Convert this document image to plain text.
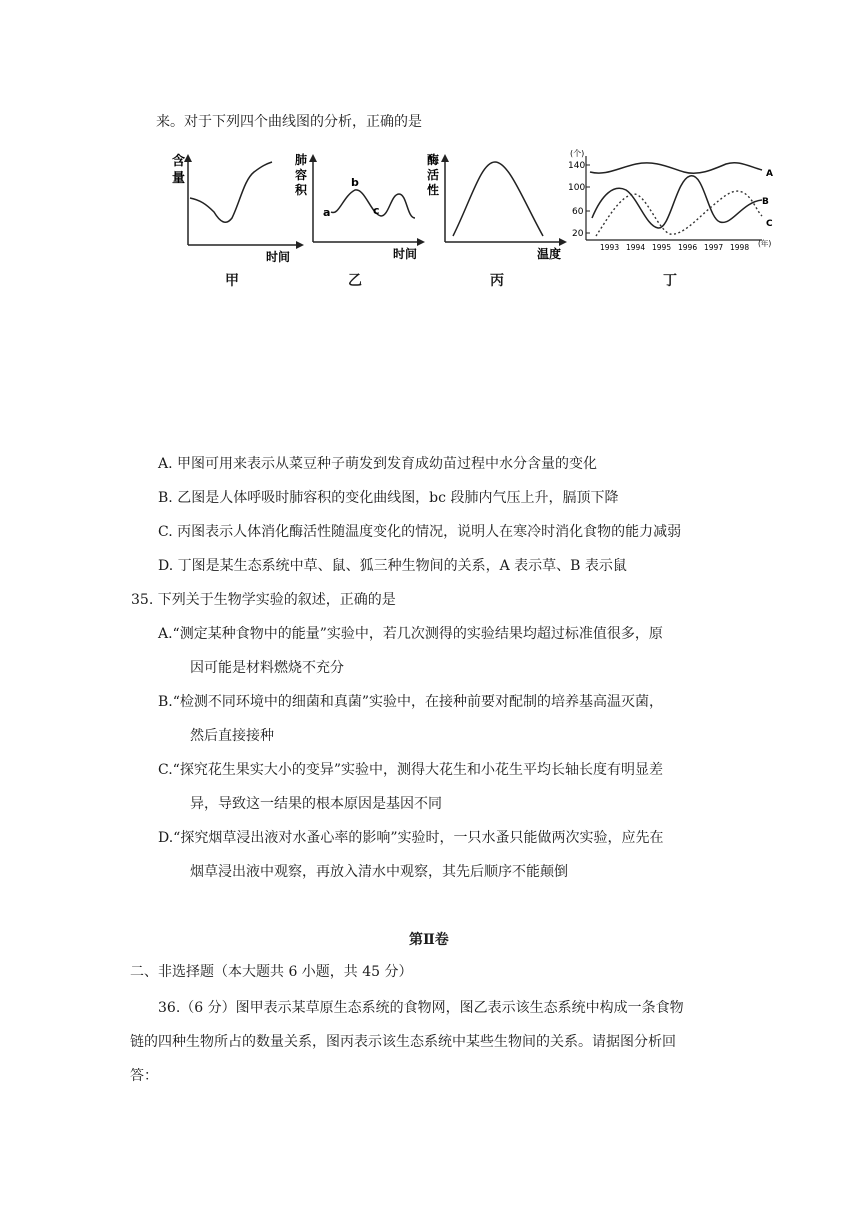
来。对于下列四个曲线图的分析，正确的是
含
量
时间
甲
肺
容
积
a
b
c
时间
乙
酶
活
性
温度
丙
(个)
140
100
60
20
A
B
C
1993 1994 1995 1996 1997 1998 (年)
丁
A. 甲图可用来表示从菜豆种子萌发到发育成幼苗过程中水分含量的变化
B. 乙图是人体呼吸时肺容积的变化曲线图，bc 段肺内气压上升，膈顶下降
C. 丙图表示人体消化酶活性随温度变化的情况，说明人在寒冷时消化食物的能力减弱
D. 丁图是某生态系统中草、鼠、狐三种生物间的关系，A 表示草、B 表示鼠
35. 下列关于生物学实验的叙述，正确的是
A.“测定某种食物中的能量”实验中，若几次测得的实验结果均超过标准值很多，原
因可能是材料燃烧不充分
B.“检测不同环境中的细菌和真菌”实验中，在接种前要对配制的培养基高温灭菌，
然后直接接种
C.“探究花生果实大小的变异”实验中，测得大花生和小花生平均长轴长度有明显差
异，导致这一结果的根本原因是基因不同
D.“探究烟草浸出液对水蚤心率的影响”实验时，一只水蚤只能做两次实验，应先在
烟草浸出液中观察，再放入清水中观察，其先后顺序不能颠倒
第Ⅱ卷
二、非选择题（本大题共 6 小题，共 45 分）
36.（6 分）图甲表示某草原生态系统的食物网，图乙表示该生态系统中构成一条食物
链的四种生物所占的数量关系，图丙表示该生态系统中某些生物间的关系。请据图分析回
答：
